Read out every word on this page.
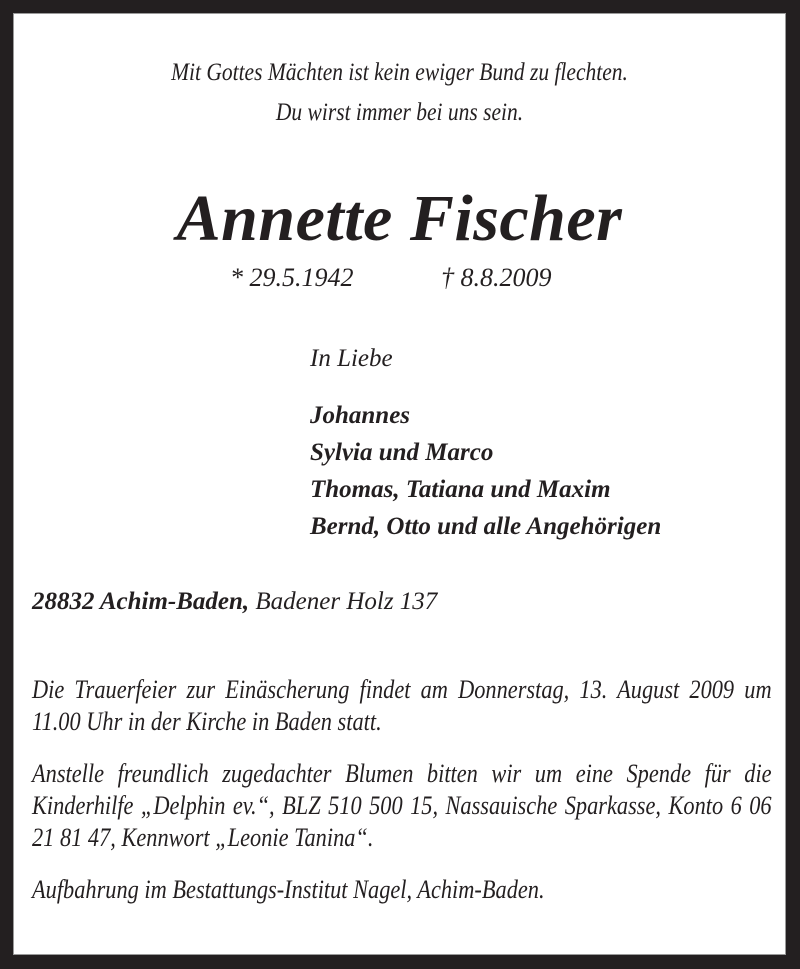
Mit Gottes Mächten ist kein ewiger Bund zu flechten.
Du wirst immer bei uns sein.
Annette Fischer
* 29.5.1942	† 8.8.2009
In Liebe
Johannes
Sylvia und Marco
Thomas, Tatiana und Maxim
Bernd, Otto und alle Angehörigen
28832 Achim-Baden, Badener Holz 137
Die Trauerfeier zur Einäscherung findet am Donnerstag, 13. August 2009 um 11.00 Uhr in der Kirche in Baden statt.
Anstelle freundlich zugedachter Blumen bitten wir um eine Spende für die Kinderhilfe „Delphin ev.“, BLZ 510 500 15, Nassauische Sparkasse, Konto 6 06 21 81 47, Kennwort „Leonie Tanina“.
Aufbahrung im Bestattungs-Institut Nagel, Achim-Baden.
